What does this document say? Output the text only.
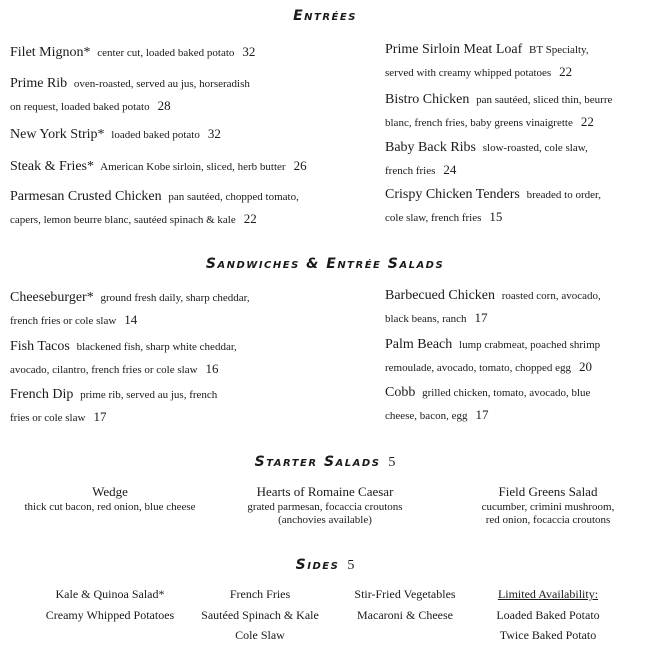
Entrées
Filet Mignon* center cut, loaded baked potato 32
Prime Rib oven-roasted, served au jus, horseradish
on request, loaded baked potato 28
New York Strip* loaded baked potato 32
Steak & Fries* American Kobe sirloin, sliced, herb butter 26
Parmesan Crusted Chicken pan sautéed, chopped tomato,
capers, lemon beurre blanc, sautéed spinach & kale 22
Prime Sirloin Meat Loaf BT Specialty,
served with creamy whipped potatoes 22
Bistro Chicken pan sautéed, sliced thin, beurre
blanc, french fries, baby greens vinaigrette 22
Baby Back Ribs slow-roasted, cole slaw,
french fries 24
Crispy Chicken Tenders breaded to order,
cole slaw, french fries 15
Sandwiches & Entrée Salads
Cheeseburger* ground fresh daily, sharp cheddar,
french fries or cole slaw 14
Fish Tacos blackened fish, sharp white cheddar,
avocado, cilantro, french fries or cole slaw 16
French Dip prime rib, served au jus, french
fries or cole slaw 17
Barbecued Chicken roasted corn, avocado,
black beans, ranch 17
Palm Beach lump crabmeat, poached shrimp
remoulade, avocado, tomato, chopped egg 20
Cobb grilled chicken, tomato, avocado, blue
cheese, bacon, egg 17
Starter Salads 5
Wedge
thick cut bacon, red onion, blue cheese
Hearts of Romaine Caesar
grated parmesan, focaccia croutons
(anchovies available)
Field Greens Salad
cucumber, crimini mushroom,
red onion, focaccia croutons
Sides 5
Kale & Quinoa Salad*
Creamy Whipped Potatoes
French Fries
Sautéed Spinach & Kale
Cole Slaw
Stir-Fried Vegetables
Macaroni & Cheese
Limited Availability:
Loaded Baked Potato
Twice Baked Potato
